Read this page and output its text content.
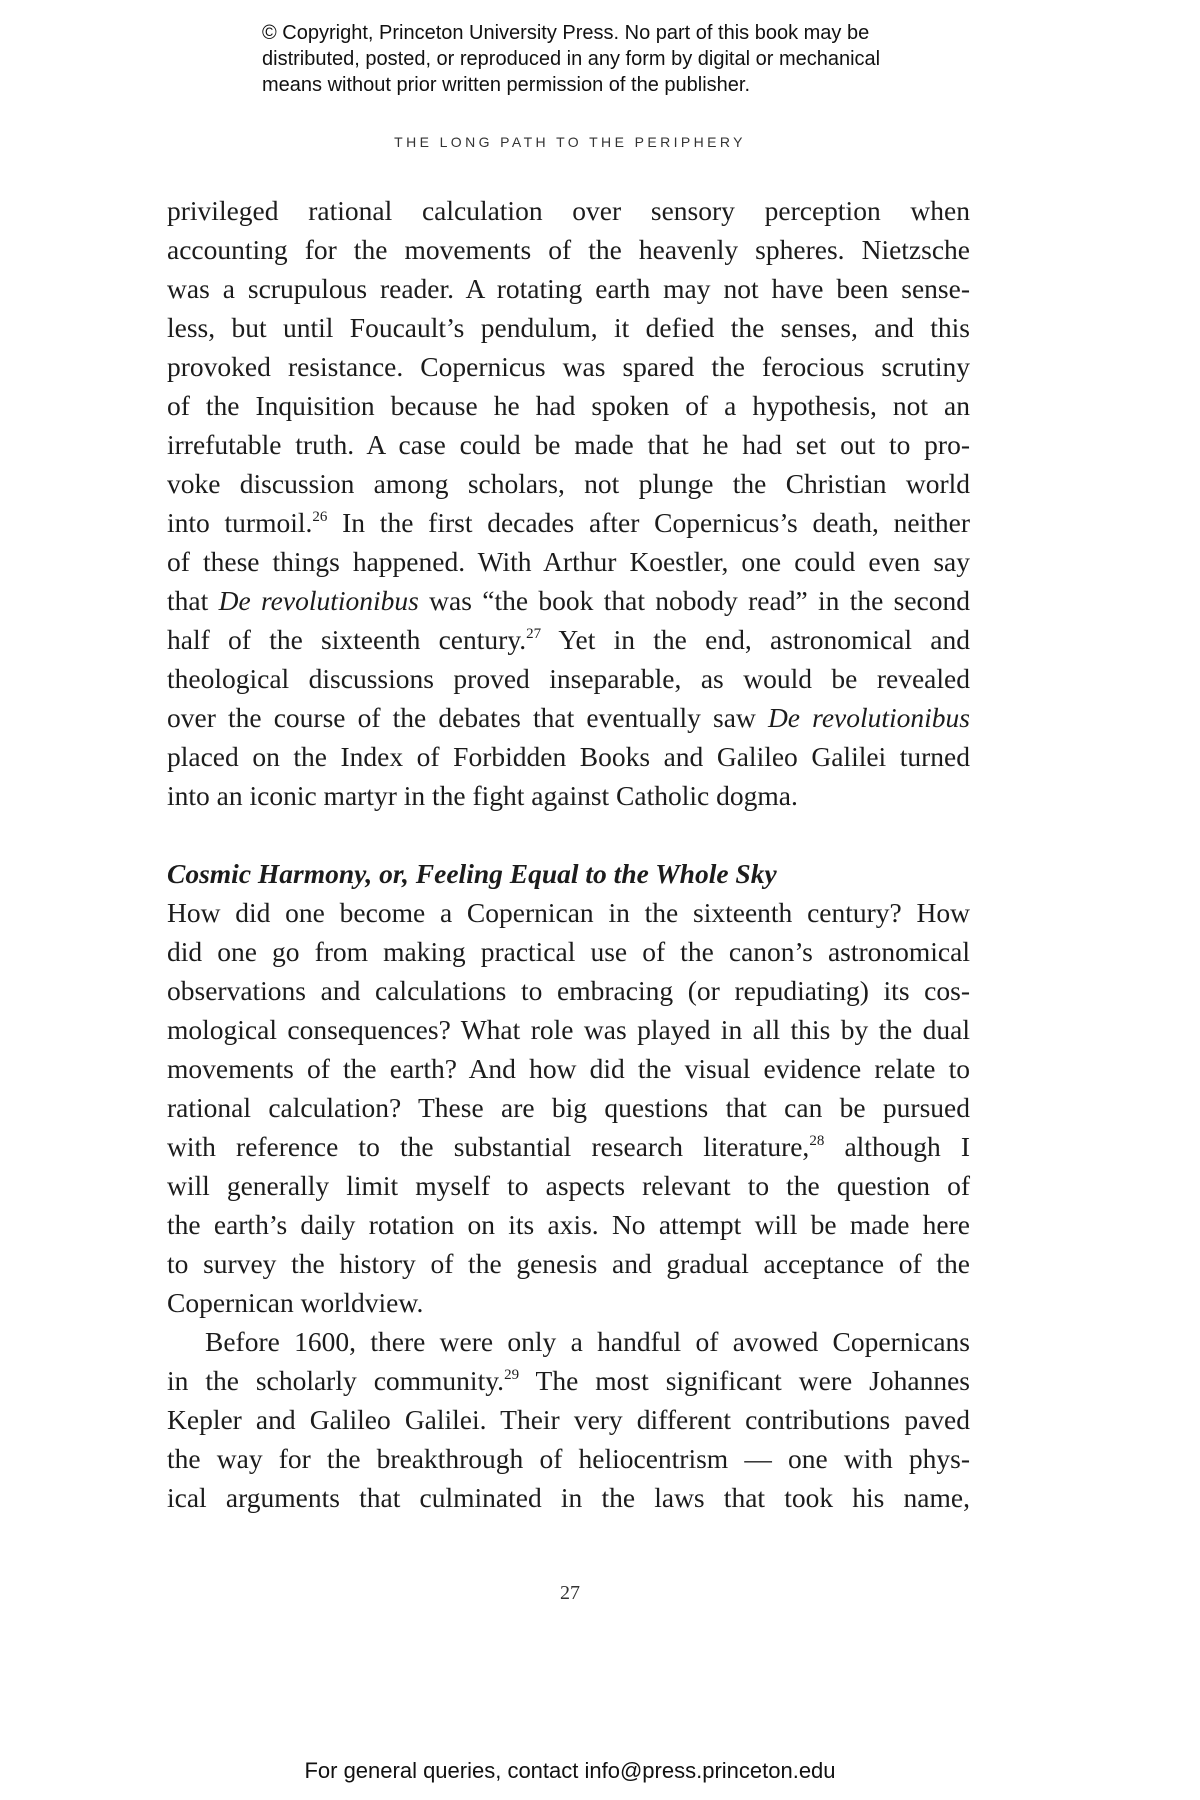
© Copyright, Princeton University Press. No part of this book may be
distributed, posted, or reproduced in any form by digital or mechanical
means without prior written permission of the publisher.
THE LONG PATH TO THE PERIPHERY
privileged rational calculation over sensory perception when
accounting for the movements of the heavenly spheres. Nietzsche
was a scrupulous reader. A rotating earth may not have been sense-
less, but until Foucault’s pendulum, it defied the senses, and this
provoked resistance. Copernicus was spared the ferocious scrutiny
of the Inquisition because he had spoken of a hypothesis, not an
irrefutable truth. A case could be made that he had set out to pro-
voke discussion among scholars, not plunge the Christian world
into turmoil.$^{26}$ In the first decades after Copernicus’s death, neither
of these things happened. With Arthur Koestler, one could even say
that De revolutionibus was “the book that nobody read” in the second
half of the sixteenth century.$^{27}$ Yet in the end, astronomical and
theological discussions proved inseparable, as would be revealed
over the course of the debates that eventually saw De revolutionibus
placed on the Index of Forbidden Books and Galileo Galilei turned
into an iconic martyr in the fight against Catholic dogma.
Cosmic Harmony, or, Feeling Equal to the Whole Sky
How did one become a Copernican in the sixteenth century? How
did one go from making practical use of the canon’s astronomical
observations and calculations to embracing (or repudiating) its cos-
mological consequences? What role was played in all this by the dual
movements of the earth? And how did the visual evidence relate to
rational calculation? These are big questions that can be pursued
with reference to the substantial research literature,$^{28}$ although I
will generally limit myself to aspects relevant to the question of
the earth’s daily rotation on its axis. No attempt will be made here
to survey the history of the genesis and gradual acceptance of the
Copernican worldview.
Before 1600, there were only a handful of avowed Copernicans
in the scholarly community.$^{29}$ The most significant were Johannes
Kepler and Galileo Galilei. Their very different contributions paved
the way for the breakthrough of heliocentrism — one with phys-
ical arguments that culminated in the laws that took his name,
27
For general queries, contact info@press.princeton.edu
